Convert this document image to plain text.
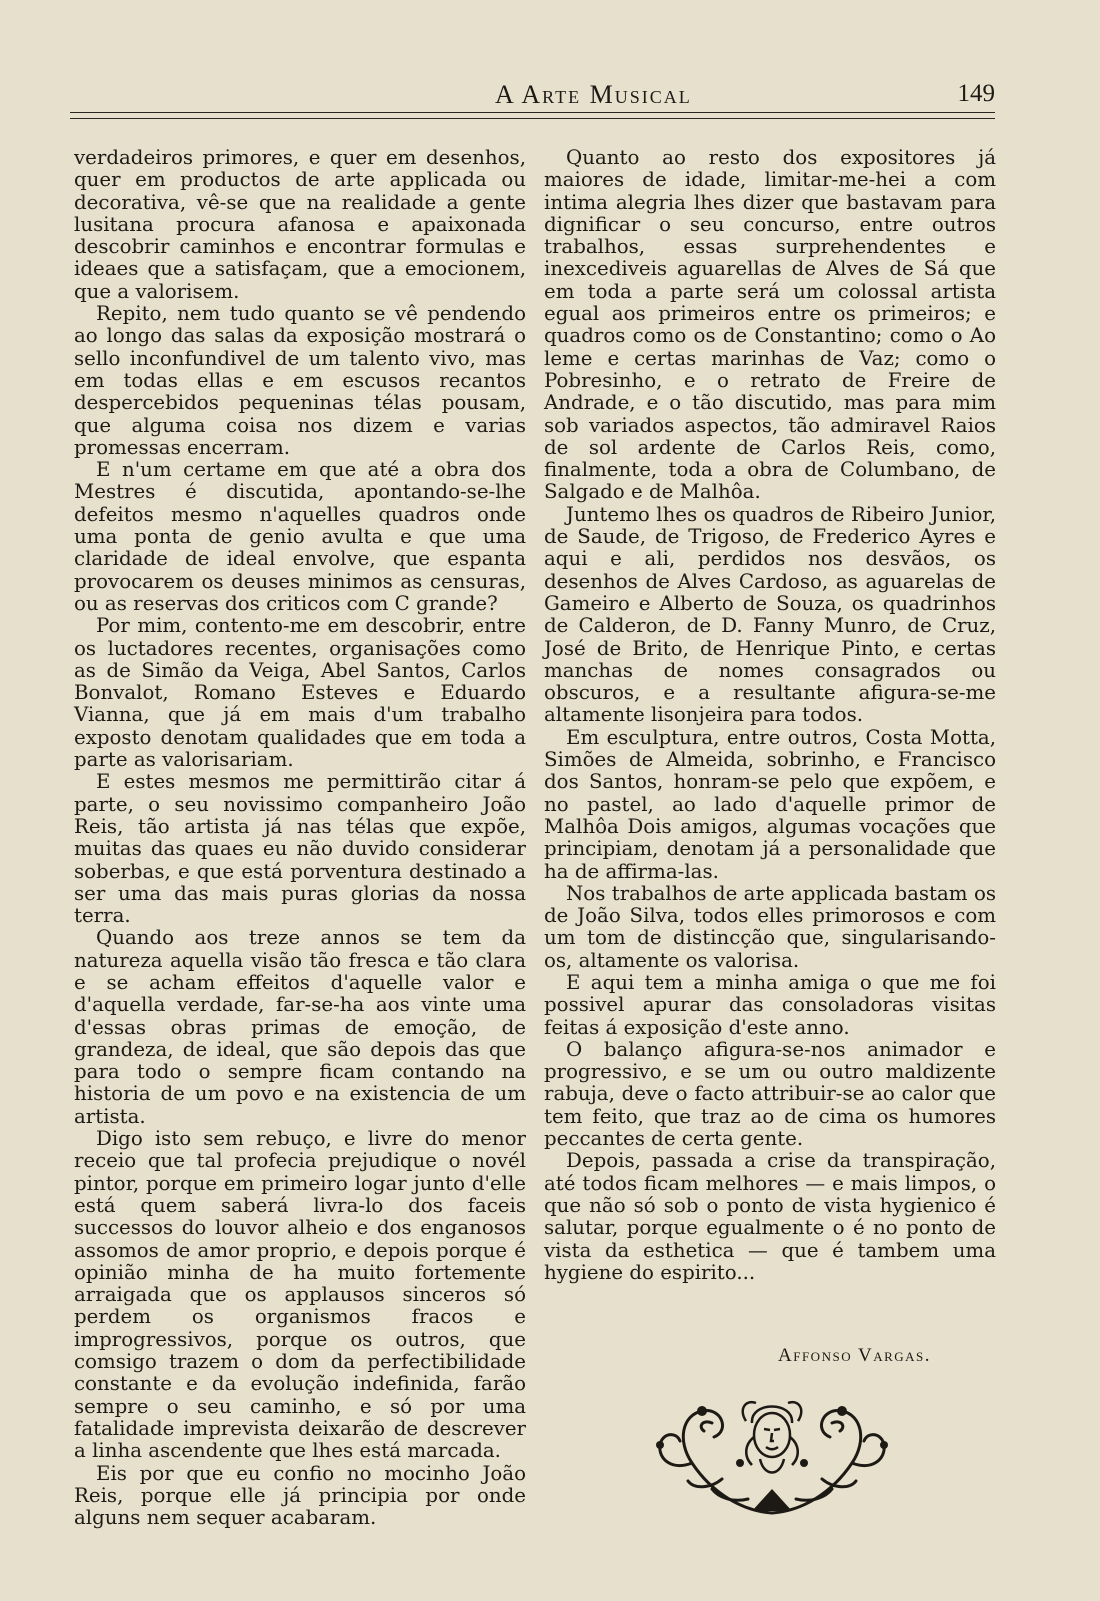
A Arte Musical	149

verdadeiros primores, e quer em desenhos, quer em productos de arte applicada ou decorativa, vê-se que na realidade a gente lusitana procura afanosa e apaixonada descobrir caminhos e encontrar formulas e ideaes que a satisfaçam, que a emocionem, que a valorisem.

Repito, nem tudo quanto se vê pendendo ao longo das salas da exposição mostrará o sello inconfundivel de um talento vivo, mas em todas ellas e em escusos recantos despercebidos pequeninas télas pousam, que alguma coisa nos dizem e varias promessas encerram.

E n'um certame em que até a obra dos Mestres é discutida, apontando-se-lhe defeitos mesmo n'aquelles quadros onde uma ponta de genio avulta e que uma claridade de ideal envolve, que espanta provocarem os deuses minimos as censuras, ou as reservas dos criticos com C grande?

Por mim, contento-me em descobrir, entre os luctadores recentes, organisações como as de Simão da Veiga, Abel Santos, Carlos Bonvalot, Romano Esteves e Eduardo Vianna, que já em mais d'um trabalho exposto denotam qualidades que em toda a parte as valorisariam.

E estes mesmos me permittirão citar á parte, o seu novissimo companheiro João Reis, tão artista já nas télas que expõe, muitas das quaes eu não duvido considerar soberbas, e que está porventura destinado a ser uma das mais puras glorias da nossa terra.

Quando aos treze annos se tem da natureza aquella visão tão fresca e tão clara e se acham effeitos d'aquelle valor e d'aquella verdade, far-se-ha aos vinte uma d'essas obras primas de emoção, de grandeza, de ideal, que são depois das que para todo o sempre ficam contando na historia de um povo e na existencia de um artista.

Digo isto sem rebuço, e livre do menor receio que tal profecia prejudique o novél pintor, porque em primeiro logar junto d'elle está quem saberá livra-lo dos faceis successos do louvor alheio e dos enganosos assomos de amor proprio, e depois porque é opinião minha de ha muito fortemente arraigada que os applausos sinceros só perdem os organismos fracos e improgressivos, porque os outros, que comsigo trazem o dom da perfectibilidade constante e da evolução indefinida, farão sempre o seu caminho, e só por uma fatalidade imprevista deixarão de descrever a linha ascendente que lhes está marcada.

Eis por que eu confio no mocinho João Reis, porque elle já principia por onde alguns nem sequer acabaram.

Quanto ao resto dos expositores já maiores de idade, limitar-me-hei a com intima alegria lhes dizer que bastavam para dignificar o seu concurso, entre outros trabalhos, essas surprehendentes e inexcediveis aguarellas de Alves de Sá que em toda a parte será um colossal artista egual aos primeiros entre os primeiros; e quadros como os de Constantino; como o Ao leme e certas marinhas de Vaz; como o Pobresinho, e o retrato de Freire de Andrade, e o tão discutido, mas para mim sob variados aspectos, tão admiravel Raios de sol ardente de Carlos Reis, como, finalmente, toda a obra de Columbano, de Salgado e de Malhôa.

Juntemo lhes os quadros de Ribeiro Junior, de Saude, de Trigoso, de Frederico Ayres e aqui e ali, perdidos nos desvãos, os desenhos de Alves Cardoso, as aguarelas de Gameiro e Alberto de Souza, os quadrinhos de Calderon, de D. Fanny Munro, de Cruz, José de Brito, de Henrique Pinto, e certas manchas de nomes consagrados ou obscuros, e a resultante afigura-se-me altamente lisonjeira para todos.

Em esculptura, entre outros, Costa Motta, Simões de Almeida, sobrinho, e Francisco dos Santos, honram-se pelo que expõem, e no pastel, ao lado d'aquelle primor de Malhôa Dois amigos, algumas vocações que principiam, denotam já a personalidade que ha de affirma-las.

Nos trabalhos de arte applicada bastam os de João Silva, todos elles primorosos e com um tom de distincção que, singularisando-os, altamente os valorisa.

E aqui tem a minha amiga o que me foi possivel apurar das consoladoras visitas feitas á exposição d'este anno.

O balanço afigura-se-nos animador e progressivo, e se um ou outro maldizente rabuja, deve o facto attribuir-se ao calor que tem feito, que traz ao de cima os humores peccantes de certa gente.

Depois, passada a crise da transpiração, até todos ficam melhores — e mais limpos, o que não só sob o ponto de vista hygienico é salutar, porque egualmente o é no ponto de vista da esthetica — que é tambem uma hygiene do espirito...

Affonso Vargas.
